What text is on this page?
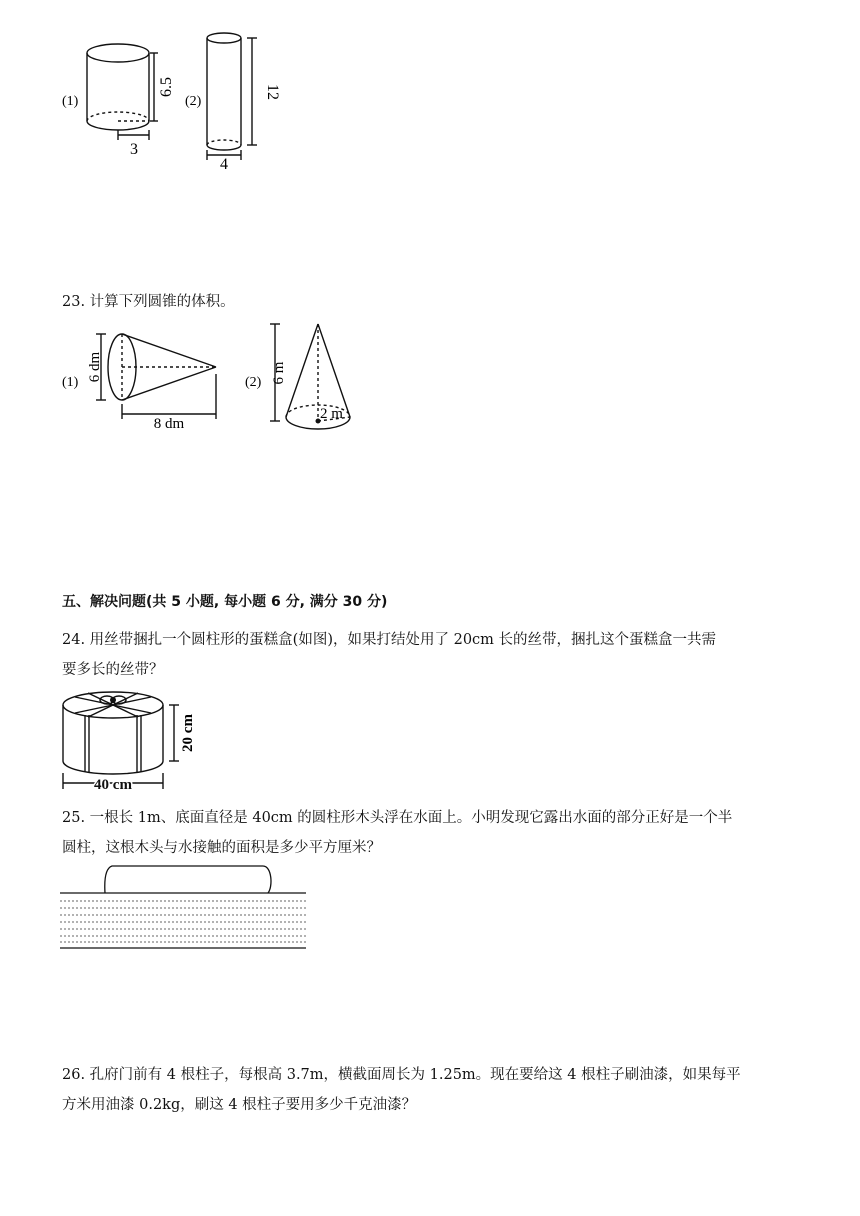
(1)
6.5
3
(2)
12
4
23. 计算下列圆锥的体积。
(1)
6 dm
8 dm
(2) 6 m
2 m
五、解决问题(共 5 小题, 每小题 6 分, 满分 30 分)
24. 用丝带捆扎一个圆柱形的蛋糕盒(如图)，如果打结处用了 20cm 长的丝带，捆扎这个蛋糕盒一共需
要多长的丝带？
20 cm
40 cm
25. 一根长 1m、底面直径是 40cm 的圆柱形木头浮在水面上。小明发现它露出水面的部分正好是一个半
圆柱，这根木头与水接触的面积是多少平方厘米？
26. 孔府门前有 4 根柱子，每根高 3.7m，横截面周长为 1.25m。现在要给这 4 根柱子刷油漆，如果每平
方米用油漆 0.2kg，刷这 4 根柱子要用多少千克油漆？
